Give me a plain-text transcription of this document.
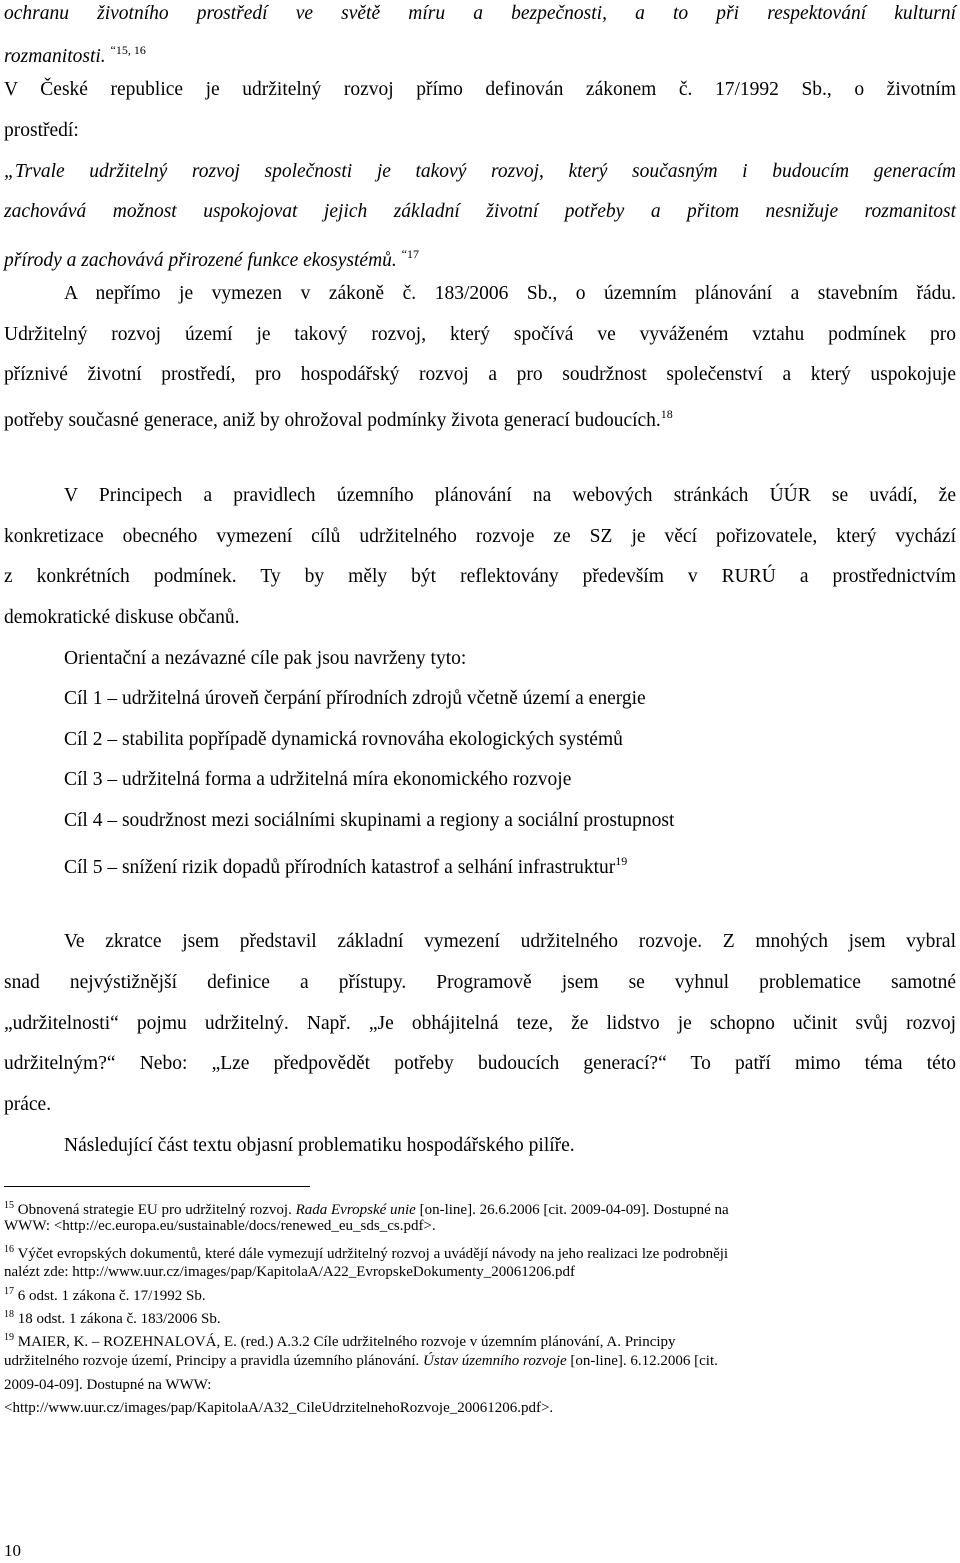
ochranu životního prostředí ve světě míru a bezpečnosti, a to při respektování kulturní
rozmanitosti. $^{“15, 16}$
V České republice je udržitelný rozvoj přímo definován zákonem č. 17/1992 Sb., o životním
prostředí:
„Trvale udržitelný rozvoj společnosti je takový rozvoj, který současným i budoucím generacím
zachovává možnost uspokojovat jejich základní životní potřeby a přitom nesnižuje rozmanitost
přírody a zachovává přirozené funkce ekosystémů. $^{“17}$
A nepřímo je vymezen v zákoně č. 183/2006 Sb., o územním plánování a stavebním řádu.
Udržitelný rozvoj území je takový rozvoj, který spočívá ve vyváženém vztahu podmínek pro
příznivé životní prostředí, pro hospodářský rozvoj a pro soudržnost společenství a který uspokojuje
potřeby současné generace, aniž by ohrožoval podmínky života generací budoucích.$^{18}$
V Principech a pravidlech územního plánování na webových stránkách ÚÚR se uvádí, že
konkretizace obecného vymezení cílů udržitelného rozvoje ze SZ je věcí pořizovatele, který vychází
z konkrétních podmínek. Ty by měly být reflektovány především v RURÚ a prostřednictvím
demokratické diskuse občanů.
Orientační a nezávazné cíle pak jsou navrženy tyto:
Cíl 1 – udržitelná úroveň čerpání přírodních zdrojů včetně území a energie
Cíl 2 – stabilita popřípadě dynamická rovnováha ekologických systémů
Cíl 3 – udržitelná forma a udržitelná míra ekonomického rozvoje
Cíl 4 – soudržnost mezi sociálními skupinami a regiony a sociální prostupnost
Cíl 5 – snížení rizik dopadů přírodních katastrof a selhání infrastruktur$^{19}$
Ve zkratce jsem představil základní vymezení udržitelného rozvoje. Z mnohých jsem vybral
snad nejvýstižnější definice a přístupy. Programově jsem se vyhnul problematice samotné
„udržitelnosti“ pojmu udržitelný. Např. „Je obhájitelná teze, že lidstvo je schopno učinit svůj rozvoj
udržitelným?“ Nebo: „Lze předpovědět potřeby budoucích generací?“ To patří mimo téma této
práce.
Následující část textu objasní problematiku hospodářského pilíře.
$^{15}$ Obnovená strategie EU pro udržitelný rozvoj. Rada Evropské unie [on-line]. 26.6.2006 [cit. 2009-04-09]. Dostupné na
WWW: <http://ec.europa.eu/sustainable/docs/renewed_eu_sds_cs.pdf>.
$^{16}$ Výčet evropských dokumentů, které dále vymezují udržitelný rozvoj a uvádějí návody na jeho realizaci lze podrobněji
nalézt zde: http://www.uur.cz/images/pap/KapitolaA/A22_EvropskeDokumenty_20061206.pdf
$^{17}$ 6 odst. 1 zákona č. 17/1992 Sb.
$^{18}$ 18 odst. 1 zákona č. 183/2006 Sb.
$^{19}$ MAIER, K. – ROZEHNALOVÁ, E. (red.) A.3.2 Cíle udržitelného rozvoje v územním plánování, A. Principy
udržitelného rozvoje území, Principy a pravidla územního plánování. Ústav územního rozvoje [on-line]. 6.12.2006 [cit.
2009-04-09]. Dostupné na WWW:
<http://www.uur.cz/images/pap/KapitolaA/A32_CileUdrzitelnehoRozvoje_20061206.pdf>.
10
